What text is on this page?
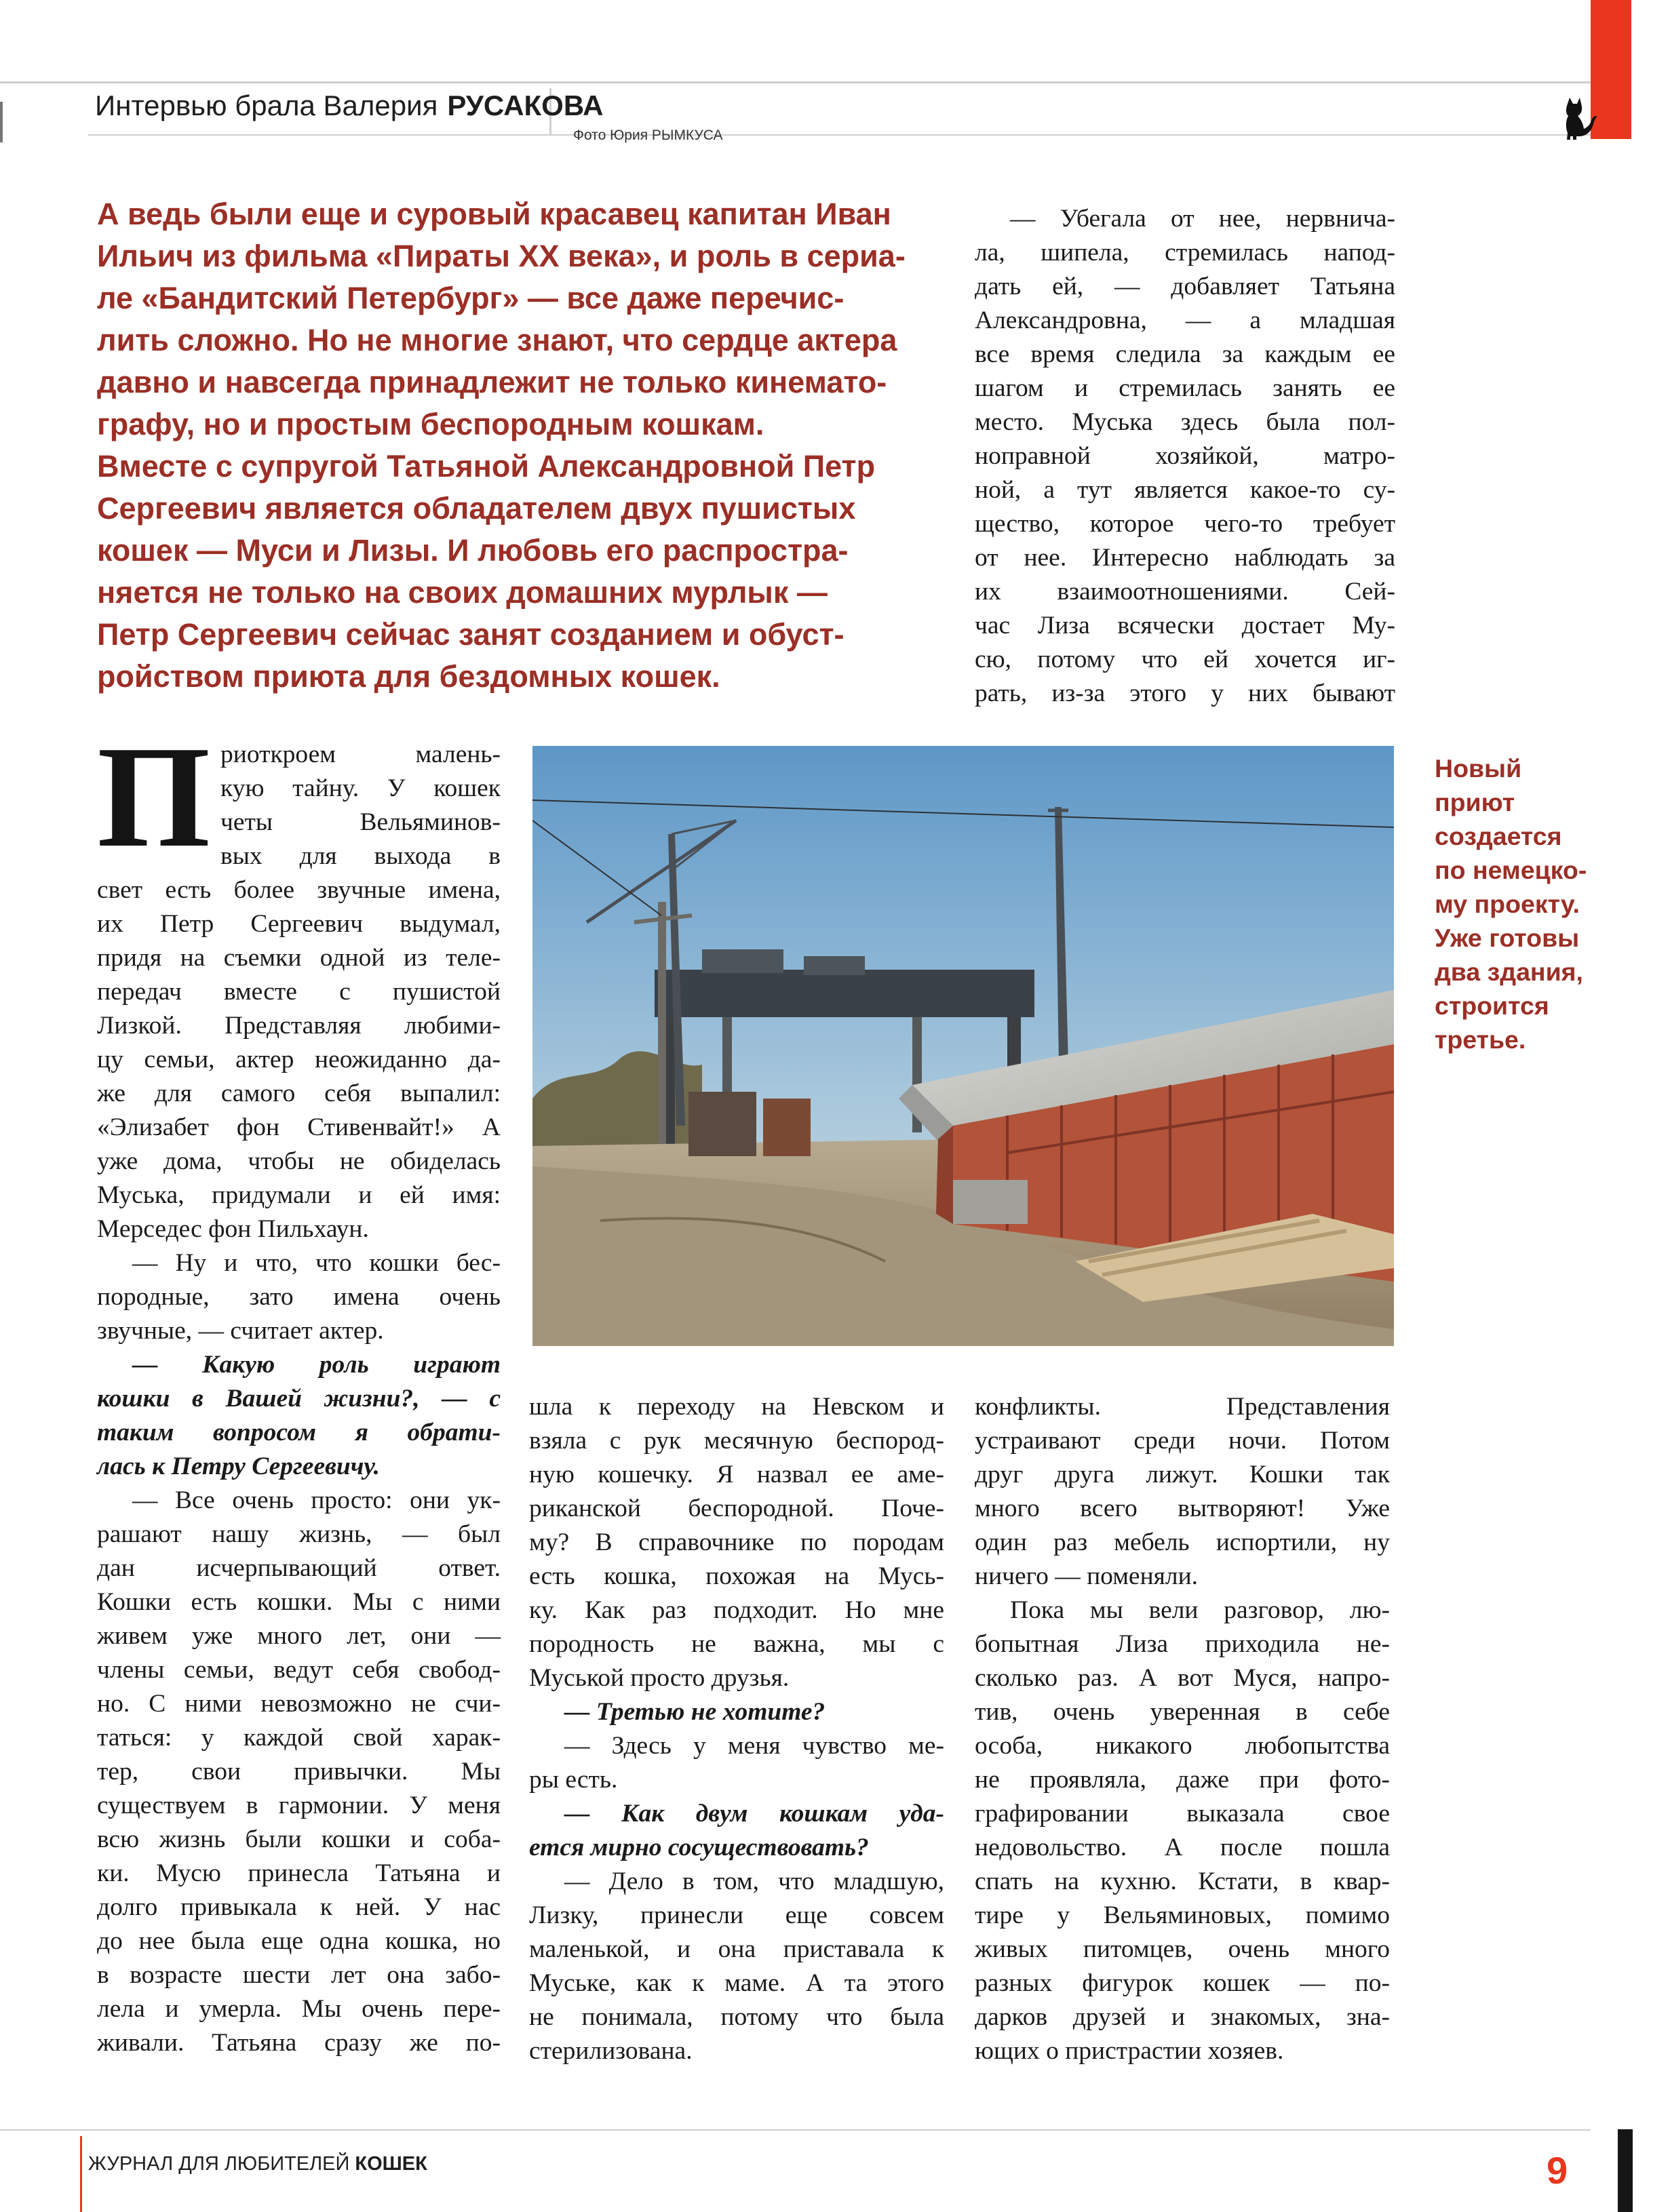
Интервью брала Валерия РУСАКОВА
Фото Юрия РЫМКУСА
А ведь были еще и суровый красавец капитан Иван
Ильич из фильма «Пираты ХХ века», и роль в сериа-
ле «Бандитский Петербург» — все даже перечис-
лить сложно. Но не многие знают, что сердце актера
давно и навсегда принадлежит не только кинемато-
графу, но и простым беспородным кошкам.
Вместе с супругой Татьяной Александровной Петр
Сергеевич является обладателем двух пушистых
кошек — Муси и Лизы. И любовь его распростра-
няется не только на своих домашних мурлык —
Петр Сергеевич сейчас занят созданием и обуст-
ройством приюта для бездомных кошек.
П риоткроем малень-
кую тайну. У кошек
четы Вельяминов-
вых для выхода в
свет есть более звучные имена,
их Петр Сергеевич выдумал,
придя на съемки одной из теле-
передач вместе с пушистой
Лизкой. Представляя любими-
цу семьи, актер неожиданно да-
же для самого себя выпалил:
«Элизабет фон Стивенвайт!» А
уже дома, чтобы не обиделась
Муська, придумали и ей имя:
Мерседес фон Пильхаун.
— Ну и что, что кошки бес-
породные, зато имена очень
звучные, — считает актер.
— Какую роль играют
кошки в Вашей жизни?, — с
таким вопросом я обрати-
лась к Петру Сергеевичу.
— Все очень просто: они ук-
рашают нашу жизнь, — был
дан исчерпывающий ответ.
Кошки есть кошки. Мы с ними
живем уже много лет, они —
члены семьи, ведут себя свобод-
но. С ними невозможно не счи-
таться: у каждой свой харак-
тер, свои привычки. Мы
существуем в гармонии. У меня
всю жизнь были кошки и соба-
ки. Мусю принесла Татьяна и
долго привыкала к ней. У нас
до нее была еще одна кошка, но
в возрасте шести лет она забо-
лела и умерла. Мы очень пере-
живали. Татьяна сразу же по-
шла к переходу на Невском и
взяла с рук месячную беспород-
ную кошечку. Я назвал ее аме-
риканской беспородной. Поче-
му? В справочнике по породам
есть кошка, похожая на Мусь-
ку. Как раз подходит. Но мне
породность не важна, мы с
Муськой просто друзья.
— Третью не хотите?
— Здесь у меня чувство ме-
ры есть.
— Как двум кошкам уда-
ется мирно сосуществовать?
— Дело в том, что младшую,
Лизку, принесли еще совсем
маленькой, и она приставала к
Муське, как к маме. А та этого
не понимала, потому что была
стерилизована.
— Убегала от нее, нервнича-
ла, шипела, стремилась напод-
дать ей, — добавляет Татьяна
Александровна, — а младшая
все время следила за каждым ее
шагом и стремилась занять ее
место. Муська здесь была пол-
ноправной хозяйкой, матро-
ной, а тут является какое-то су-
щество, которое чего-то требует
от нее. Интересно наблюдать за
их взаимоотношениями. Сей-
час Лиза всячески достает Му-
сю, потому что ей хочется иг-
рать, из-за этого у них бывают
конфликты. Представления
устраивают среди ночи. Потом
друг друга лижут. Кошки так
много всего вытворяют! Уже
один раз мебель испортили, ну
ничего — поменяли.
Пока мы вели разговор, лю-
бопытная Лиза приходила не-
сколько раз. А вот Муся, напро-
тив, очень уверенная в себе
особа, никакого любопытства
не проявляла, даже при фото-
графировании выказала свое
недовольство. А после пошла
спать на кухню. Кстати, в квар-
тире у Вельяминовых, помимо
живых питомцев, очень много
разных фигурок кошек — по-
дарков друзей и знакомых, зна-
ющих о пристрастии хозяев.
Новый
приют
создается
по немецко-
му проекту.
Уже готовы
два здания,
строится
третье.
ЖУРНАЛ ДЛЯ ЛЮБИТЕЛЕЙ КОШЕК	9
